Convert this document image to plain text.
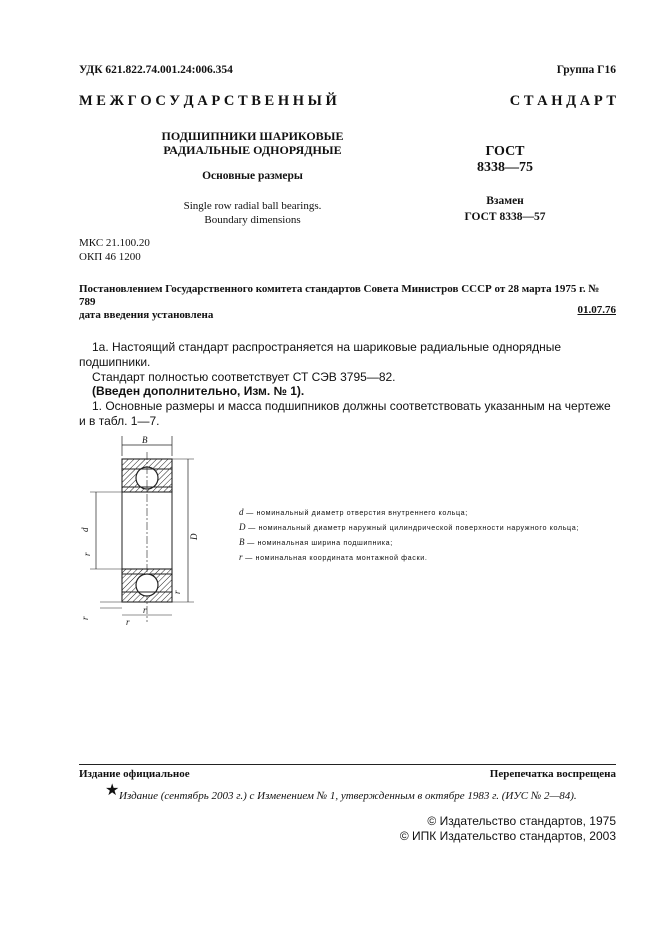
УДК 621.822.74.001.24:006.354	Группа Г16
М Е Ж Г О С У Д А Р С Т В Е Н Н Ы Й	С Т А Н Д А Р Т
ПОДШИПНИКИ ШАРИКОВЫЕ
РАДИАЛЬНЫЕ ОДНОРЯДНЫЕ
Основные размеры
Single row radial ball bearings.
Boundary dimensions
ГОСТ
8338—75
Взамен
ГОСТ 8338—57
МКС 21.100.20
ОКП 46 1200
Постановлением Государственного комитета стандартов Совета Министров СССР от 28 марта 1975 г. № 789
дата введения установлена	01.07.76

1а. Настоящий стандарт распространяется на шариковые радиальные однорядные подшипники.

Стандарт полностью соответствует СТ СЭВ 3795—82.

(Введен дополнительно, Изм. № 1).

1. Основные размеры и масса подшипников должны соответствовать указанным на чертеже и в табл. 1—7.

B
d
D
r
r
r
r
r
d — номинальный диаметр отверстия внутреннего кольца;
D — номинальный диаметр наружный цилиндрической поверхности наружного кольца;
B — номинальная ширина подшипника;
r — номинальная координата монтажной фаски.
Издание официальное	Перепечатка воспрещена
★ Издание (сентябрь 2003 г.) с Изменением № 1, утвержденным в октябре 1983 г. (ИУС № 2—84).
© Издательство стандартов, 1975
© ИПК Издательство стандартов, 2003
